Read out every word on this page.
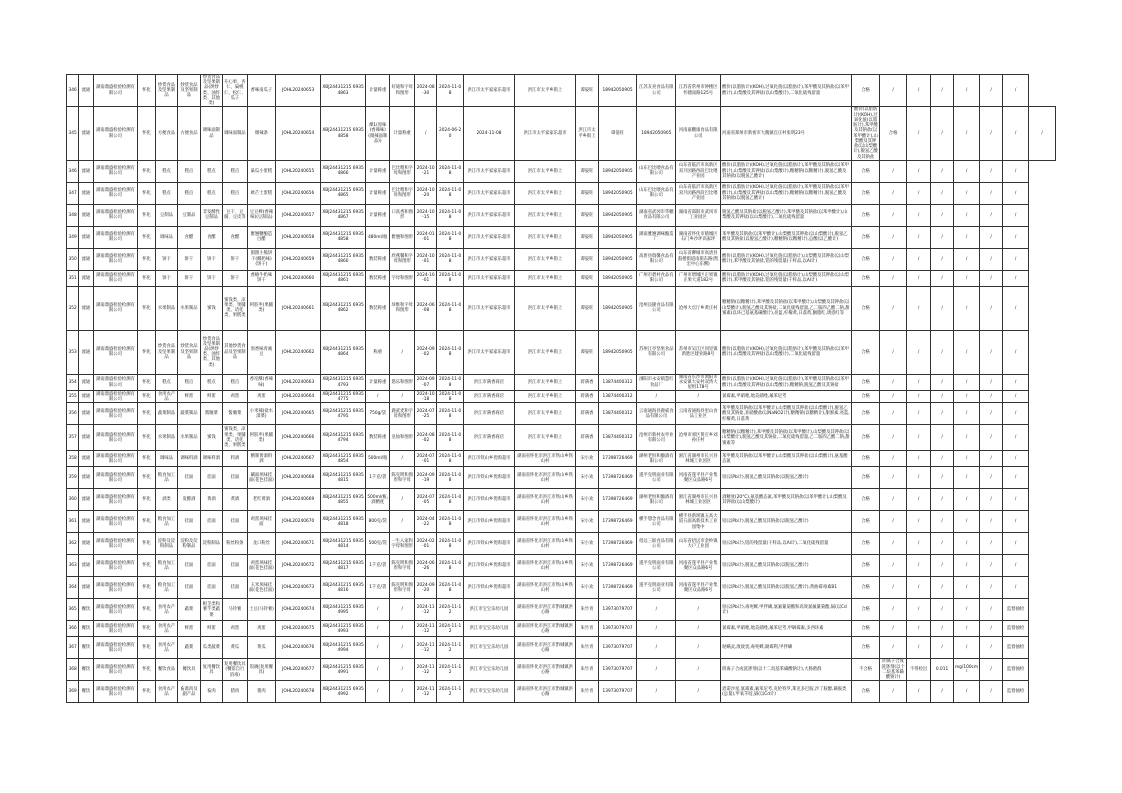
346	流通	湖南鼎盛检验检测有限公司	怀化	炒货食品及坚果制品	炒货食品及坚果制品	炒货食品及坚果制品(烘炒类、油炸类、其他类)	开心果、杏仁、扁桃仁、松仁、瓜子	香味南瓜子	JOHL20240653	XBJ24431215 6935 4863	计量称重	好迪和字母和图形	2024-08-30	2024-11-08	洪江市太平家家乐超市	洪江市太平乡街上	谭晏旺	18942050905	江苏友亮食品有限公司	江苏省常州市钟楼区怀德南路125号	酸价(以脂肪计)(KOH),过氧化值(以脂肪计),苯甲酸及其钠盐(以苯甲酸计),山梨酸及其钾盐(以山梨酸计),二氧化硫残留量	合格	/	/	/	/	/	/	
345	流通	湖南鼎盛检验检测有限公司	怀化	方便食品	方便食品	调味面制品	调味面制品	爆辣条	JOHL20240654	XBJ24431215 6935 4858	爆1(原味(香辣味)(微辣面制品))	计量称重	/	2024-06-20	2024-11-08	洪江市太平家家乐超市	洪江市太平乡街上	谭晏旺	18942050905	河南嘉鹏康食品有限公司	河南省郑州市新密市大隗镇官庄村张明23号	酸价(以脂肪计)(KOH),过氧化值(以脂肪计),苯甲酸及其钠盐(以苯甲酸计),山梨酸及其钾盐(以山梨酸计),脱氢乙酸及其钠盐	合格	/	/	/	/	/	/
346	流通	湖南鼎盛检验检测有限公司	怀化	糕点	糕点	糕点	糕点	巢瓜小蛋糕	JOHL20240655	XBJ24431215 6935 4866	计量称重	巴比喂和字母和图形	2024-10-21	2024-11-08	洪江市太平家家乐超市	洪江市太平乡街上	谭晏旺	18942050905	山东巴比喂食品有限公司	山东省临沂市高新区双月园路西段巴比喂产业园	酸价(以脂肪计)(KOH),过氧化值(以脂肪计),苯甲酸及其钠盐(以苯甲酸计),山梨酸及其钾盐(以山梨酸计),糖精钠(以糖精计),脱氢乙酸及其钠盐(以脱氢乙酸计)	合格	/	/	/	/	/	/	
347	流通	湖南鼎盛检验检测有限公司	怀化	糕点	糕点	糕点	糕点	欧芒士蛋糕	JOHL20240656	XBJ24431215 6935 4865	计量称重	巴比喂和字母和图形	2024-10-20	2024-11-08	洪江市太平家家乐超市	洪江市太平乡街上	谭晏旺	18942050905	山东巴比喂食品有限公司	山东省临沂市高新区双月园路西段巴比喂产业园	酸价(以脂肪计)(KOH),过氧化值(以脂肪计),苯甲酸及其钠盐(以苯甲酸计),山梨酸及其钾盐(以山梨酸计),糖精钠(以糖精计),脱氢乙酸及其钠盐(以脱氢乙酸计)	合格	/	/	/	/	/	/	
348	流通	湖南鼎盛检验检测有限公司	怀化	豆制品	豆制品	非发酵性豆制品	豆干、豆腐、豆皮等	豆豆棒(香辣味)(豆制品)	JOHL20240657	XBJ24431215 6935 4867	计量称重	口真香和图形	2024-10-15	2024-11-08	洪江市太平家家乐超市	洪江市太平乡街上	谭晏旺	18942050905	湖南省武冈市华鹏食品有限公司	湖南省邵阳市武冈市工业园区	脱氢乙酸及其钠盐(以脱氢乙酸计),苯甲酸及其钠盐(以苯甲酸计),山梨酸及其钾盐(以山梨酸计),二氧化硫残留量	合格	/	/	/	/	/	/	
349	流通	湖南鼎盛检验检测有限公司	怀化	调味品	食醋	食醋	食醋	雅翘糖酿造白醋	JOHL20240658	XBJ24431215 6935 4858	480ml/瓶	雅翘和图形	2024-01-01	2024-11-08	洪江市太平家家乐超市	洪江市太平乡街上	谭晏旺	18942050905	湖南雅翘调味酿造厂	湖南省怀化市鹤城区石门乡沙坪高家坪	苯甲酸及其钠盐(以苯甲酸计),山梨酸及其钾盐(以山梨酸计),脱氢乙酸及其钠盐(以脱氢乙酸计),糖精钠(以糖精计),总酸(以乙酸计)	合格	/	/	/	/	/	/	
350	流通	湖南鼎盛检验检测有限公司	怀化	饼干	饼干	饼干	饼干	甜甜小熊饼干(椰奶味)(饼干)	JOHL20240659	XBJ24431215 6935 4860	数装称重	欣燕馨和字母和图形	2024-10-01	2024-11-08	洪江市太平家家乐超市	洪江市太平乡街上	谭晏旺	18942050905	高唐县瑞馨食品有限公司	山东省聊城市高唐县鼓楼街道南街东路(凯宏中心东侧)	酸价(以脂肪计)(KOH),过氧化值(以脂肪计),山梨酸及其钾盐(以山梨酸计),苯甲酸及其钠盐,铝的残留量(干样品,以Al计)	合格	/	/	/	/	/	/	
351	流通	湖南鼎盛检验检测有限公司	怀化	饼干	饼干	饼干	饼干	香楠牛奶味饼干	JOHL20240660	XBJ24431215 6935 4861	数装称重	字母和图形	2024-10-01	2024-11-08	洪江市太平家家乐超市	洪江市太平乡街上	谭晏旺	18942050905	广州市碧村食品有限公司	广州市增城区正果镇正果大道182号	酸价(以脂肪计)(KOH),过氧化值(以脂肪计),山梨酸及其钾盐(以山梨酸计),苯甲酸及其钠盐,铝的残留量(干样品,以Al计)	合格	/	/	/	/	/	/	
352	流通	湖南鼎盛检验检测有限公司	怀化	水果制品	水果制品	蜜饯	蜜饯类、凉果类、果脯类、话化类、果糕类	阿胶枣(果脯类)	JOHL20240661	XBJ24431215 6935 4862	数装称重	珍维和字母和图形	2024-06-08	2024-11-08	洪江市太平家家乐超市	洪江市太平乡街上	谭晏旺	18942050905	沧州良隆食品有限公司	沧州大官厅乡黄庄村	糖精钠(以糖精计),苯甲酸及其钠盐(以苯甲酸计),山梨酸及其钾盐(以山梨酸计),脱氢乙酸及其钠盐,二氧化硫残留量,乙二胺四乙酸二钠,甜蜜素(以环己基氨基磺酸计),亮蓝,柠檬黄,日落黄,胭脂红,诱惑红等	合格	/	/	/	/	/	/	
353	流通	湖南鼎盛检验检测有限公司	怀化	炒货食品及坚果制品	炒货食品及坚果制品	炒货食品及坚果制品(烘炒类、油炸类、其他类)	其他炒货食品及坚果制品	原香味青豌豆	JOHL20240662	XBJ24431215 6935 4864	称重	/	2024-09-02	2024-11-08	洪江市太平家家乐超市	洪江市太平乡街上	谭晏旺	18942050905	苏州江亭坚果食品有限公司	苏州市吴江区同里镇新胜区建业路8号	酸价(以脂肪计)(KOH),过氧化值(以脂肪计),苯甲酸及其钠盐(以苯甲酸计),山梨酸及其钾盐(以山梨酸计),二氧化硫残留量	合格	/	/	/	/	/	/	
354	流通	湖南鼎盛检验检测有限公司	怀化	糕点	糕点	糕点	糕点	香坨酥(香辣味)	JOHL20240663	XBJ24431215 6935 4793	计量称重	悠乐和图形	2024-09-07	2024-11-08	洪江市满香商店	洪江市太平乡街上	蒋满香	13874400312	浏阳市永安镇慧红食品厂	湖南省长沙市浏阳市永安镇大安村双湾大屋组178号	酸价(以脂肪计)(KOH),过氧化值(以脂肪计),苯甲酸及其钠盐(以苯甲酸计),山梨酸及其钾盐(以山梨酸计),糖精钠,脱氢乙酸及其钠盐	合格	/	/	/	/	/	/	
355	流通	湖南鼎盛检验检测有限公司	怀化	食用农产品	鲜蛋	鲜蛋	鸡蛋	鸡蛋	JOHL20240664	XBJ24431215 6935 4775	/	/	2024-10-18	2024-11-08	洪江市满香商店	洪江市太平乡街上	蒋满香	13874400312	/	/	氯霉素,甲硝唑,地美硝唑,氟苯尼考	合格	/	/	/	/	/	/	
356	流通	湖南鼎盛检验检测有限公司	怀化	蔬菜制品	蔬菜制品	酱腌菜	酱腌菜	小米辣(盐水渍菜)	JOHL20240665	XBJ24431215 6935 4795	750g/袋	鹿武麦和字母和图形	2024-07-25	2024-11-08	洪江市满香商店	洪江市太平乡街上	蒋满香	13874400312	云南通海县鹿威食品有限公司	云南省通海县里山食品工业区	苯甲酸及其钠盐(以苯甲酸计),山梨酸及其钾盐(以山梨酸计),脱氢乙酸及其钠盐,亚硝酸盐(以NaNO2计),糖精钠(以糖精计),甜蜜素,亮蓝,柠檬黄,日落黄	合格	/	/	/	/	/	/	
357	流通	湖南鼎盛检验检测有限公司	怀化	水果制品	水果制品	蜜饯	蜜饯类、凉果类、果脯类、话化类、果糕类	阿胶枣(果脯类)	JOHL20240666	XBJ24431215 6935 4794	数装称重	皇仙和图形	2024-08-02	2024-11-08	洪江市满香商店	洪江市太平乡街上	蒋满香	13874400312	沧州市新村农枣业有限公司	沧州市郊区黄庄乡刘孙庄村	糖精钠(以糖精计),苯甲酸及其钠盐(以苯甲酸计),山梨酸及其钾盐(以山梨酸计),脱氢乙酸及其钠盐,二氧化硫残留量,乙二胺四乙酸二钠,甜蜜素等	合格	/	/	/	/	/	/	
358	流通	湖南鼎盛检验检测有限公司	怀化	调味品	调味料酒	调味料酒	料酒	精制黄酒料酒	JOHL20240667	XBJ24431215 6935 4854	500ml/瓶	/	2024-07-01	2024-11-08	洪江市铁山乡优购超市	湖南省怀化市洪江市铁山乡铁山村	宋小欢	17398726469	湖州老恒和酿酒有限公司	浙江省湖州市长兴县林城工业园区	苯甲酸及其钠盐(以苯甲酸计),山梨酸及其钾盐(以山梨酸计),氨基酸态氮	合格	/	/	/	/	/	/	
359	流通	湖南鼎盛检验检测有限公司	怀化	粮食加工品	挂面	挂面	挂面	碱面风味挂面(花色挂面)	JOHL20240668	XBJ24431215 6935 4815	1千克/袋	陈克明和图形和字母	2024-09-19	2024-11-08	洪江市铁山乡优购超市	湖南省怀化市洪江市铁山乡铁山村	宋小欢	17398726469	遂平克明面业有限公司	河南省遂平县产业集聚区众品路6号	铅(以Pb计),脱氢乙酸及其钠盐(以脱氢乙酸计)	合格	/	/	/	/	/	/	
360	流通	湖南鼎盛检验检测有限公司	怀化	酒类	发酵酒	黄酒	黄酒	老红黄酒	JOHL20240669	XBJ24431215 6935 4855	500ml/瓶,酒精度	/	2024-07-05	2024-11-08	洪江市铁山乡优购超市	湖南省怀化市洪江市铁山乡铁山村	宋小欢	17398726469	湖州老恒和酿酒有限公司	浙江省湖州市长兴县林城工业园区	酒精度(20°C),氨基酸态氮,苯甲酸及其钠盐(以苯甲酸计),山梨酸及其钾盐(以山梨酸计)	合格	/	/	/	/	/	/	
361	流通	湖南鼎盛检验检测有限公司	怀化	粮食加工品	挂面	挂面	挂面	鸡蛋风味挂面	JOHL20240670	XBJ24431215 6935 4818	800克/袋	/	2024-04-22	2024-11-08	洪江市铁山乡优购超市	湖南省怀化市洪江市铁山乡铁山村	宋小欢	17398726469	横手想念食品有限公司	横手县新坝镇五高大道五面高新技术工业园集中	铅(以Pb计),脱氢乙酸及其钠盐(以脱氢乙酸计)	合格	/	/	/	/	/	/	
362	流通	湖南鼎盛检验检测有限公司	怀化	淀粉及淀粉制品	淀粉及淀粉制品	淀粉制品	粉丝粉条	龙口粉丝	JOHL20240671	XBJ24431215 6935 4814	500克/袋	一生入家和字母和图形	2024-02-01	2024-11-08	洪江市铁山乡优购超市	湖南省怀化市洪江市铁山乡铁山村	宋小欢	17398726469	招远三联食品有限公司	山东省招远市金岭镇大户工业园	铅(以Pb计),铝的残留量(干样品,以Al计),二氧化硫残留量	合格	/	/	/	/	/	/	
363	流通	湖南鼎盛检验检测有限公司	怀化	粮食加工品	挂面	挂面	挂面	鸡蛋风味挂面(花色挂面)	JOHL20240672	XBJ24431215 6935 4817	1千克/袋	陈克明和图形和字母	2024-06-26	2024-11-08	洪江市铁山乡优购超市	湖南省怀化市洪江市铁山乡铁山村	宋小欢	17398726469	遂平克明面业有限公司	河南省遂平县产业集聚区众品路6号	铅(以Pb计),脱氢乙酸及其钠盐(以脱氢乙酸计)	合格	/	/	/	/	/	/	
364	流通	湖南鼎盛检验检测有限公司	怀化	粮食加工品	挂面	挂面	挂面	玉米风味挂面(花色挂面)	JOHL20240673	XBJ24431215 6935 4816	1千克/袋	陈克明和图形和字母	2024-09-20	2024-11-08	洪江市铁山乡优购超市	湖南省怀化市洪江市铁山乡铁山村	宋小欢	17398726469	遂平克明面业有限公司	河南省遂平县产业集聚区众品路6号	铅(以Pb计),脱氢乙酸及其钠盐(以脱氢乙酸计),黄曲霉毒素B1	合格	/	/	/	/	/	/	
365	餐饮	湖南鼎盛检验检测有限公司	怀化	食用农产品	蔬菜	根茎类和薯芋类蔬菜	马铃薯	土豆(马铃薯)	JOHL20240674	XBJ24431215 6935 4995	/	/	2024-11-12	2024-11-12	洪江市宝宝乐幼儿园	湖南省怀化市洪江市黔城镇洪心路	朱竹青	13973079707	/	/	铅(以Pb计),毒死蜱,甲拌磷,氯氟氰菊酯和高效氯氟氰菊酯,镉(以Cd计)	合格	/	/	/	/	/	监督抽检	
366	餐饮	湖南鼎盛检验检测有限公司	怀化	食用农产品	鲜蛋	鲜蛋	鸡蛋	鸡蛋	JOHL20240675	XBJ24431215 6935 4993	/	/	2024-11-12	2024-11-12	洪江市宝宝乐幼儿园	湖南省怀化市洪江市黔城镇洪心路	朱竹青	13973079707	/	/	氯霉素,甲硝唑,地美硝唑,氟苯尼考,甲砜霉素,多西环素	合格	/	/	/	/	/	监督抽检	
367	餐饮	湖南鼎盛检验检测有限公司	怀化	食用农产品	蔬菜	瓜类蔬菜	黄瓜	黄瓜	JOHL20240676	XBJ24431215 6935 4994	/	/	2024-11-12	2024-11-12	洪江市宝宝乐幼儿园	湖南省怀化市洪江市黔城镇洪心路	朱竹青	13973079707	/	/	哒螨灵,敌敌畏,毒死蜱,腐霉利,甲拌磷	合格	/	/	/	/	/	监督抽检	
368	餐饮	湖南鼎盛检验检测有限公司	怀化	餐饮食品	餐饮具	复用餐饮具	复用餐饮具(餐馆自行消毒)	饭碗(复用餐具)	JOHL20240677	XBJ24431215 6935 4991	/	/	2024-11-12	2024-11-12	洪江市宝宝乐幼儿园	湖南省怀化市洪江市黔城镇洪心路	朱竹青	13973079707	/	/	阴离子合成洗涤剂(以十二烷基苯磺酸钠计),大肠菌群	不合格	阴离子合成洗涤剂(以十二烷基苯磺酸钠计)	不得检出	0.011	mg/100cm²	/	监督抽检	
369	餐饮	湖南鼎盛检验检测有限公司	怀化	食用农产品	畜禽肉及副产品	畜肉	猪肉	猪肉	JOHL20240678	XBJ24431215 6935 4992	/	/	2024-11-12	2024-11-12	洪江市宝宝乐幼儿园	湖南省怀化市洪江市黔城镇洪心路	朱竹青	13973079707	/	/	恩诺沙星,氯霉素,氟苯尼考,克伦特罗,莱克多巴胺,沙丁胺醇,磺胺类(总量),甲氧苄啶,镉(以Cd计)	合格	/	/	/	/	/	监督抽检	
